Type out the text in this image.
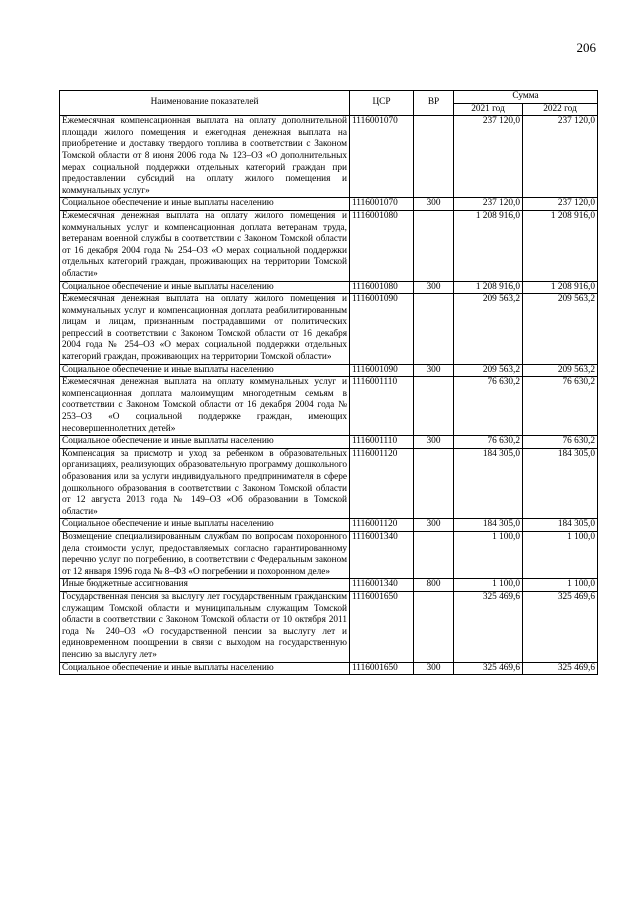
206
Наименование показателей	ЦСР	ВР	Сумма	
			2021 год	2022 год
Ежемесячная компенсационная выплата на оплату дополнительной площади жилого помещения и ежегодная денежная выплата на приобретение и доставку твердого топлива в соответствии с Законом Томской области от 8 июня 2006 года № 123–ОЗ «О дополнительных мерах социальной поддержки отдельных категорий граждан при предоставлении субсидий на оплату жилого помещения и коммунальных услуг»	1116001070		237 120,0	237 120,0
Социальное обеспечение и иные выплаты населению	1116001070	300	237 120,0	237 120,0
Ежемесячная денежная выплата на оплату жилого помещения и коммунальных услуг и компенсационная доплата ветеранам труда, ветеранам военной службы в соответствии с Законом Томской области от 16 декабря 2004 года № 254–ОЗ «О мерах социальной поддержки отдельных категорий граждан, проживающих на территории Томской области»	1116001080		1 208 916,0	1 208 916,0
Социальное обеспечение и иные выплаты населению	1116001080	300	1 208 916,0	1 208 916,0
Ежемесячная денежная выплата на оплату жилого помещения и коммунальных услуг и компенсационная доплата реабилитированным лицам и лицам, признанным пострадавшими от политических репрессий в соответствии с Законом Томской области от 16 декабря 2004 года № 254–ОЗ «О мерах социальной поддержки отдельных категорий граждан, проживающих на территории Томской области»	1116001090		209 563,2	209 563,2
Социальное обеспечение и иные выплаты населению	1116001090	300	209 563,2	209 563,2
Ежемесячная денежная выплата на оплату коммунальных услуг и компенсационная доплата малоимущим многодетным семьям в соответствии с Законом Томской области от 16 декабря 2004 года № 253–ОЗ «О социальной поддержке граждан, имеющих несовершеннолетних детей»	1116001110		76 630,2	76 630,2
Социальное обеспечение и иные выплаты населению	1116001110	300	76 630,2	76 630,2
Компенсация за присмотр и уход за ребенком в образовательных организациях, реализующих образовательную программу дошкольного образования или за услуги индивидуального предпринимателя в сфере дошкольного образования в соответствии с Законом Томской области от 12 августа 2013 года № 149–ОЗ «Об образовании в Томской области»	1116001120		184 305,0	184 305,0
Социальное обеспечение и иные выплаты населению	1116001120	300	184 305,0	184 305,0
Возмещение специализированным службам по вопросам похоронного дела стоимости услуг, предоставляемых согласно гарантированному перечню услуг по погребению, в соответствии с Федеральным законом от 12 января 1996 года № 8–ФЗ «О погребении и похоронном деле»	1116001340		1 100,0	1 100,0
Иные бюджетные ассигнования	1116001340	800	1 100,0	1 100,0
Государственная пенсия за выслугу лет государственным гражданским служащим Томской области и муниципальным служащим Томской области в соответствии с Законом Томской области от 10 октября 2011 года № 240–ОЗ «О государственной пенсии за выслугу лет и единовременном поощрении в связи с выходом на государственную пенсию за выслугу лет»	1116001650		325 469,6	325 469,6
Социальное обеспечение и иные выплаты населению	1116001650	300	325 469,6	325 469,6
